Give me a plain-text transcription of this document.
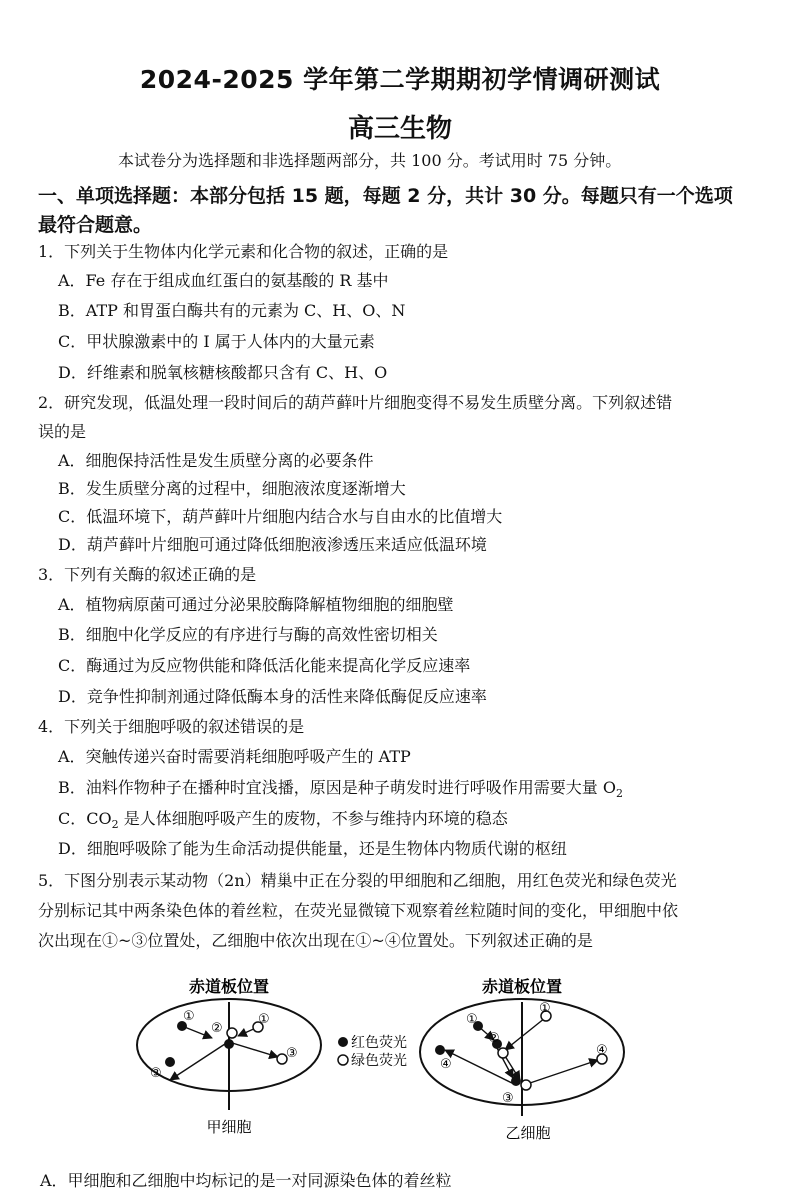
2024-2025 学年第二学期期初学情调研测试
高三生物
本试卷分为选择题和非选择题两部分，共 100 分。考试用时 75 分钟。
一、单项选择题：本部分包括 15 题，每题 2 分，共计 30 分。每题只有一个选项
最符合题意。
1．下列关于生物体内化学元素和化合物的叙述，正确的是
A．Fe 存在于组成血红蛋白的氨基酸的 R 基中
B．ATP 和胃蛋白酶共有的元素为 C、H、O、N
C．甲状腺激素中的 I 属于人体内的大量元素
D．纤维素和脱氧核糖核酸都只含有 C、H、O
2．研究发现，低温处理一段时间后的葫芦藓叶片细胞变得不易发生质壁分离。下列叙述错
误的是
A．细胞保持活性是发生质壁分离的必要条件
B．发生质壁分离的过程中，细胞液浓度逐渐增大
C．低温环境下，葫芦藓叶片细胞内结合水与自由水的比值增大
D．葫芦藓叶片细胞可通过降低细胞液渗透压来适应低温环境
3．下列有关酶的叙述正确的是
A．植物病原菌可通过分泌果胶酶降解植物细胞的细胞壁
B．细胞中化学反应的有序进行与酶的高效性密切相关
C．酶通过为反应物供能和降低活化能来提高化学反应速率
D．竞争性抑制剂通过降低酶本身的活性来降低酶促反应速率
4．下列关于细胞呼吸的叙述错误的是
A．突触传递兴奋时需要消耗细胞呼吸产生的 ATP
B．油料作物种子在播种时宜浅播，原因是种子萌发时进行呼吸作用需要大量 $O_2$
C．$CO_2$ 是人体细胞呼吸产生的废物，不参与维持内环境的稳态
D．细胞呼吸除了能为生命活动提供能量，还是生物体内物质代谢的枢纽
5．下图分别表示某动物（2n）精巢中正在分裂的甲细胞和乙细胞，用红色荧光和绿色荧光
分别标记其中两条染色体的着丝粒，在荧光显微镜下观察着丝粒随时间的变化，甲细胞中依
次出现在①~③位置处，乙细胞中依次出现在①~④位置处。下列叙述正确的是
赤道板位置
①
②
①
③
③
甲细胞
红色荧光
绿色荧光
赤道板位置
①
①
②
③
④
④
乙细胞
A．甲细胞和乙细胞中均标记的是一对同源染色体的着丝粒
